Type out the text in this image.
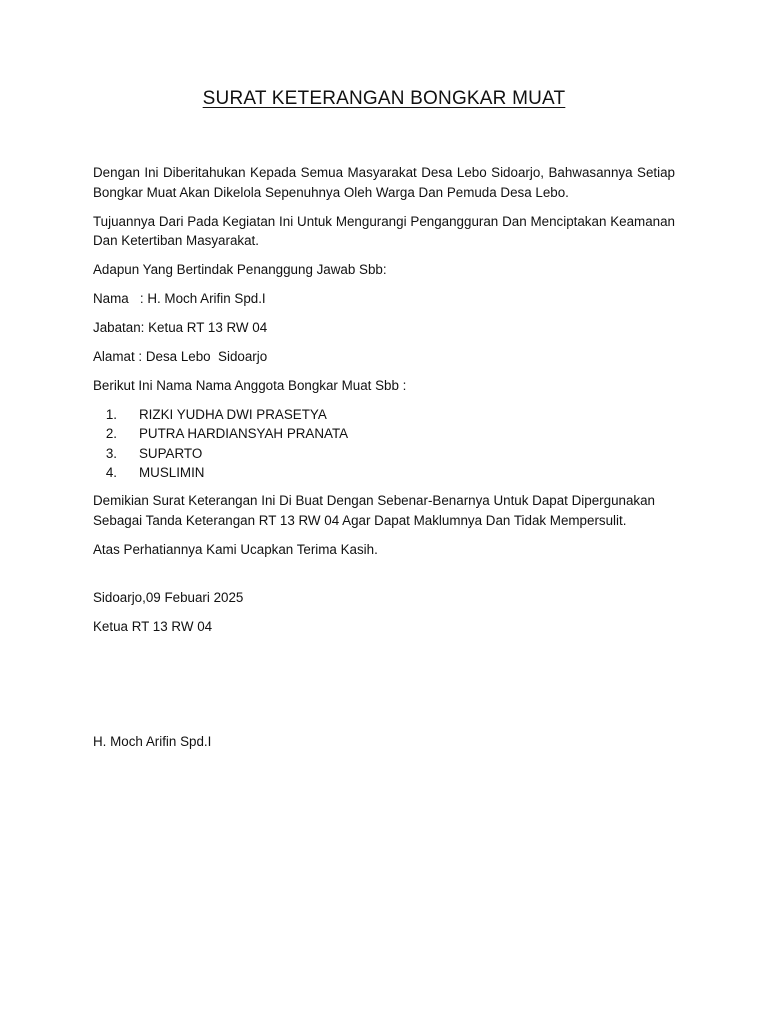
SURAT KETERANGAN BONGKAR MUAT

Dengan Ini Diberitahukan Kepada Semua Masyarakat Desa Lebo Sidoarjo, Bahwasannya Setiap Bongkar Muat Akan Dikelola Sepenuhnya Oleh Warga Dan Pemuda Desa Lebo.

Tujuannya Dari Pada Kegiatan Ini Untuk Mengurangi Pengangguran Dan Menciptakan Keamanan Dan Ketertiban Masyarakat.

Adapun Yang Bertindak Penanggung Jawab Sbb:

Nama   : H. Moch Arifin Spd.I

Jabatan: Ketua RT 13 RW 04

Alamat : Desa Lebo  Sidoarjo

Berikut Ini Nama Nama Anggota Bongkar Muat Sbb :

1. RIZKI YUDHA DWI PRASETYA
2. PUTRA HARDIANSYAH PRANATA
3. SUPARTO
4. MUSLIMIN

Demikian Surat Keterangan Ini Di Buat Dengan Sebenar-Benarnya Untuk Dapat Dipergunakan Sebagai Tanda Keterangan RT 13 RW 04 Agar Dapat Maklumnya Dan Tidak Mempersulit.

Atas Perhatiannya Kami Ucapkan Terima Kasih.

Sidoarjo,09 Febuari 2025

Ketua RT 13 RW 04

H. Moch Arifin Spd.I
